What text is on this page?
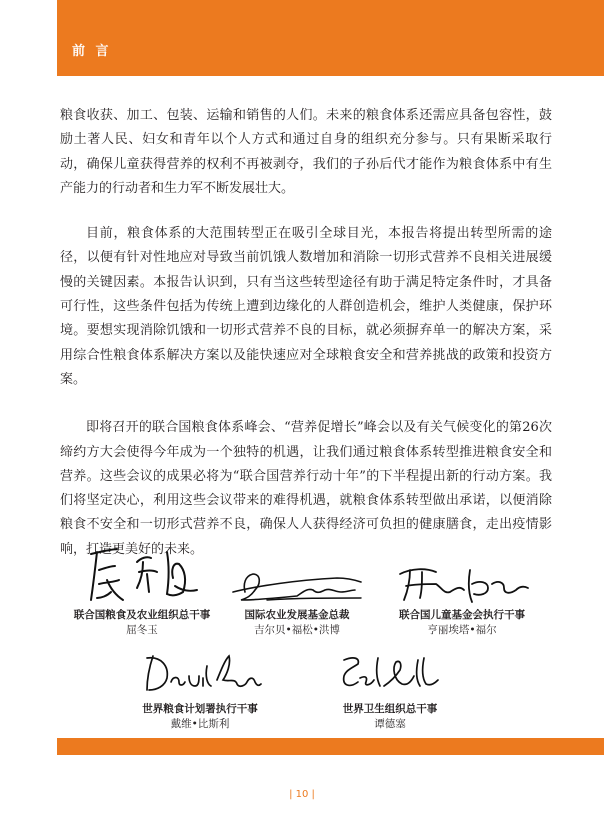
前 言

粮食收获、加工、包装、运输和销售的人们。未来的粮食体系还需应具备包容性，鼓励土著人民、妇女和青年以个人方式和通过自身的组织充分参与。只有果断采取行动，确保儿童获得营养的权利不再被剥夺，我们的子孙后代才能作为粮食体系中有生产能力的行动者和生力军不断发展壮大。

目前，粮食体系的大范围转型正在吸引全球目光，本报告将提出转型所需的途径，以便有针对性地应对导致当前饥饿人数增加和消除一切形式营养不良相关进展缓慢的关键因素。本报告认识到，只有当这些转型途径有助于满足特定条件时，才具备可行性，这些条件包括为传统上遭到边缘化的人群创造机会，维护人类健康，保护环境。要想实现消除饥饿和一切形式营养不良的目标，就必须摒弃单一的解决方案，采用综合性粮食体系解决方案以及能快速应对全球粮食安全和营养挑战的政策和投资方案。

即将召开的联合国粮食体系峰会、“营养促增长”峰会以及有关气候变化的第26次缔约方大会使得今年成为一个独特的机遇，让我们通过粮食体系转型推进粮食安全和营养。这些会议的成果必将为“联合国营养行动十年”的下半程提出新的行动方案。我们将坚定决心，利用这些会议带来的难得机遇，就粮食体系转型做出承诺，以便消除粮食不安全和一切形式营养不良，确保人人获得经济可负担的健康膳食，走出疫情影响，打造更美好的未来。

联合国粮食及农业组织总干事
屈冬玉
国际农业发展基金总裁
吉尔贝•福松•洪博
联合国儿童基金会执行干事
亨丽埃塔•福尔
世界粮食计划署执行干事
戴维•比斯利
世界卫生组织总干事
谭德塞
| 10 |
